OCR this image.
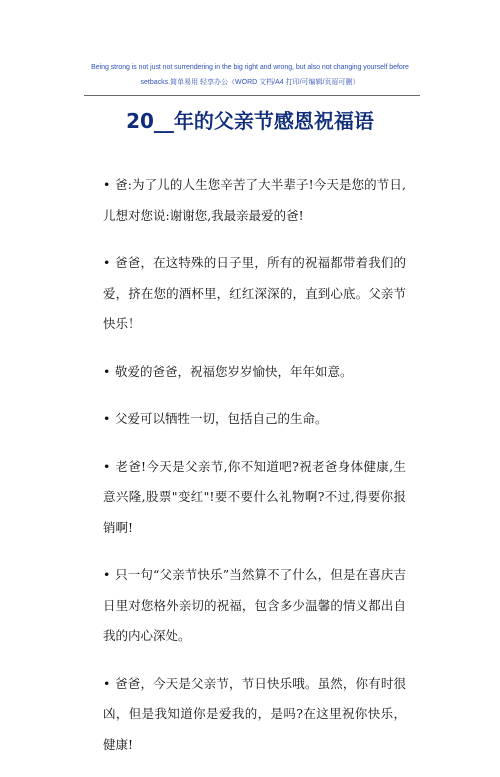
Being strong is not just not surrendering in the big right and wrong, but also not changing yourself before
setbacks.简单易用 轻享办公（WORD 文档/A4 打印/可编辑/页眉可删）
20__年的父亲节感恩祝福语

• 爸:为了儿的人生您辛苦了大半辈子!今天是您的节日,儿想对您说:谢谢您,我最亲最爱的爸!

• 爸爸，在这特殊的日子里，所有的祝福都带着我们的爱，挤在您的酒杯里，红红深深的，直到心底。父亲节快乐！

• 敬爱的爸爸，祝福您岁岁愉快，年年如意。

• 父爱可以牺牲一切，包括自己的生命。

• 老爸!今天是父亲节,你不知道吧?祝老爸身体健康,生意兴隆,股票"变红"!要不要什么礼物啊?不过,得要你报销啊!

• 只一句“父亲节快乐”当然算不了什么，但是在喜庆吉日里对您格外亲切的祝福，包含多少温馨的情义都出自我的内心深处。

• 爸爸，今天是父亲节，节日快乐哦。虽然，你有时很凶，但是我知道你是爱我的，是吗?在这里祝你快乐，健康!
